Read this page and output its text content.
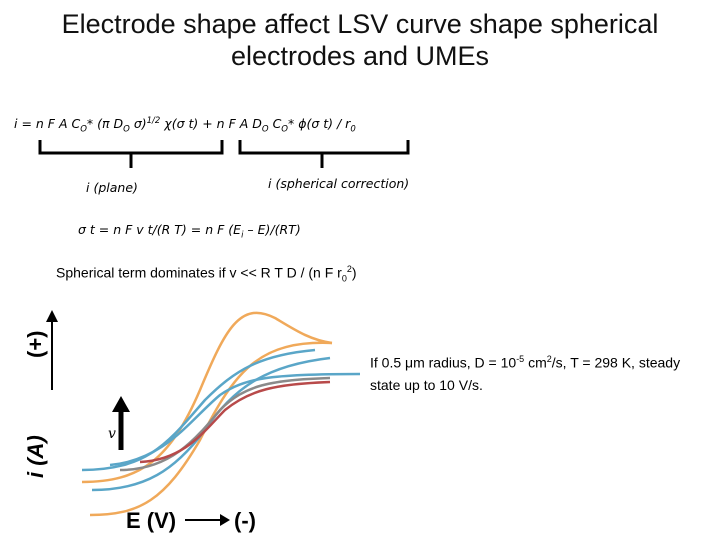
Electrode shape affect LSV curve shape spherical
electrodes and UMEs
i = n F A $C_O*$ (π $D_O$ σ)$^{1/2}$ χ(σ t) + n F A $D_O$ $C_O*$ ϕ(σ $t) / r_0$
i (plane)	i (spherical correction)
σ t = n F v t/(R T) = n F $(E_i - E)/(RT)$
Spherical term dominates if v << R T D / (n F $r_0^2$)
(+)
i (A)
E (V)	(-)
v
If 0.5 μm radius, $D = 10^{-5}$ $cm^2/s$, T = 298 K, steady state up to 10 V/s.
